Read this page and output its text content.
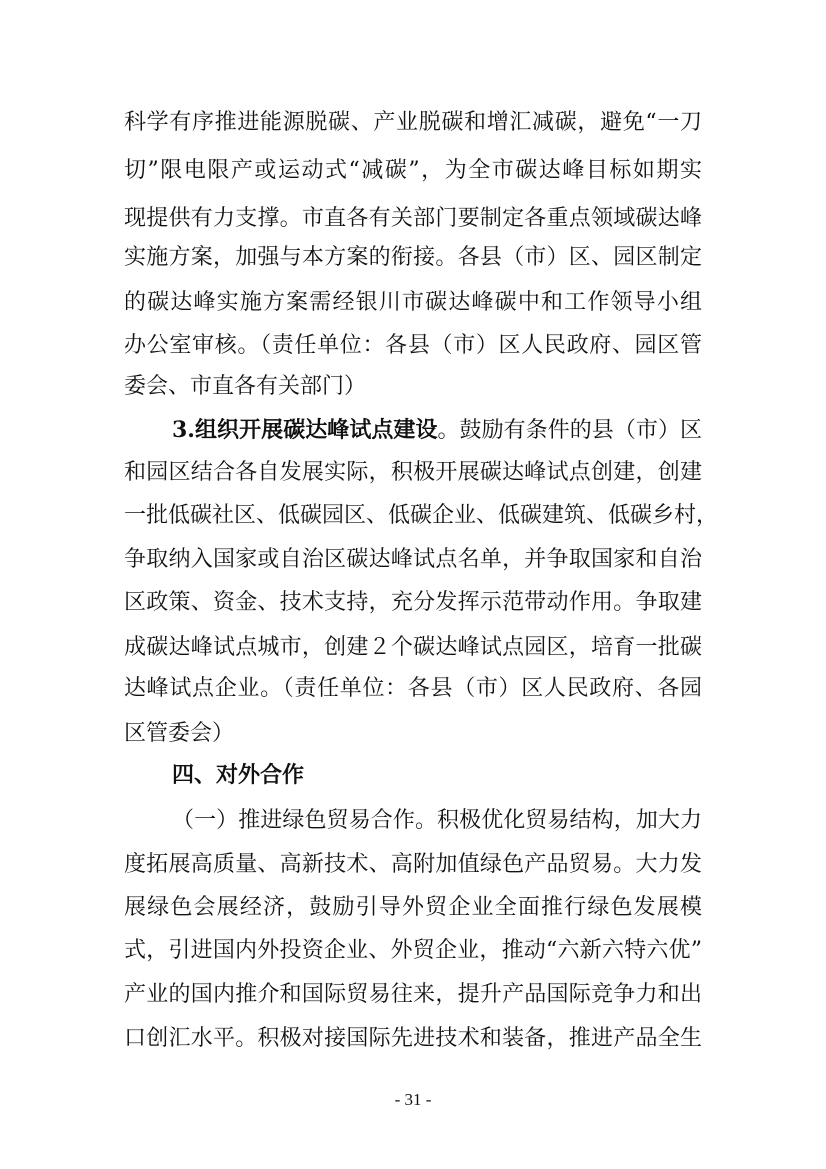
科学有序推进能源脱碳、产业脱碳和增汇减碳，避免“一刀
切”限电限产或运动式“减碳”，为全市碳达峰目标如期实
现提供有力支撑。市直各有关部门要制定各重点领域碳达峰
实施方案，加强与本方案的衔接。各县（市）区、园区制定
的碳达峰实施方案需经银川市碳达峰碳中和工作领导小组
办公室审核。（责任单位：各县（市）区人民政府、园区管
委会、市直各有关部门）
3.组织开展碳达峰试点建设。鼓励有条件的县（市）区
和园区结合各自发展实际，积极开展碳达峰试点创建，创建
一批低碳社区、低碳园区、低碳企业、低碳建筑、低碳乡村，
争取纳入国家或自治区碳达峰试点名单，并争取国家和自治
区政策、资金、技术支持，充分发挥示范带动作用。争取建
成碳达峰试点城市，创建２个碳达峰试点园区，培育一批碳
达峰试点企业。（责任单位：各县（市）区人民政府、各园
区管委会）
四、对外合作
（一）推进绿色贸易合作。积极优化贸易结构，加大力
度拓展高质量、高新技术、高附加值绿色产品贸易。大力发
展绿色会展经济，鼓励引导外贸企业全面推行绿色发展模
式，引进国内外投资企业、外贸企业，推动“六新六特六优”
产业的国内推介和国际贸易往来，提升产品国际竞争力和出
口创汇水平。积极对接国际先进技术和装备，推进产品全生
- 31 -
